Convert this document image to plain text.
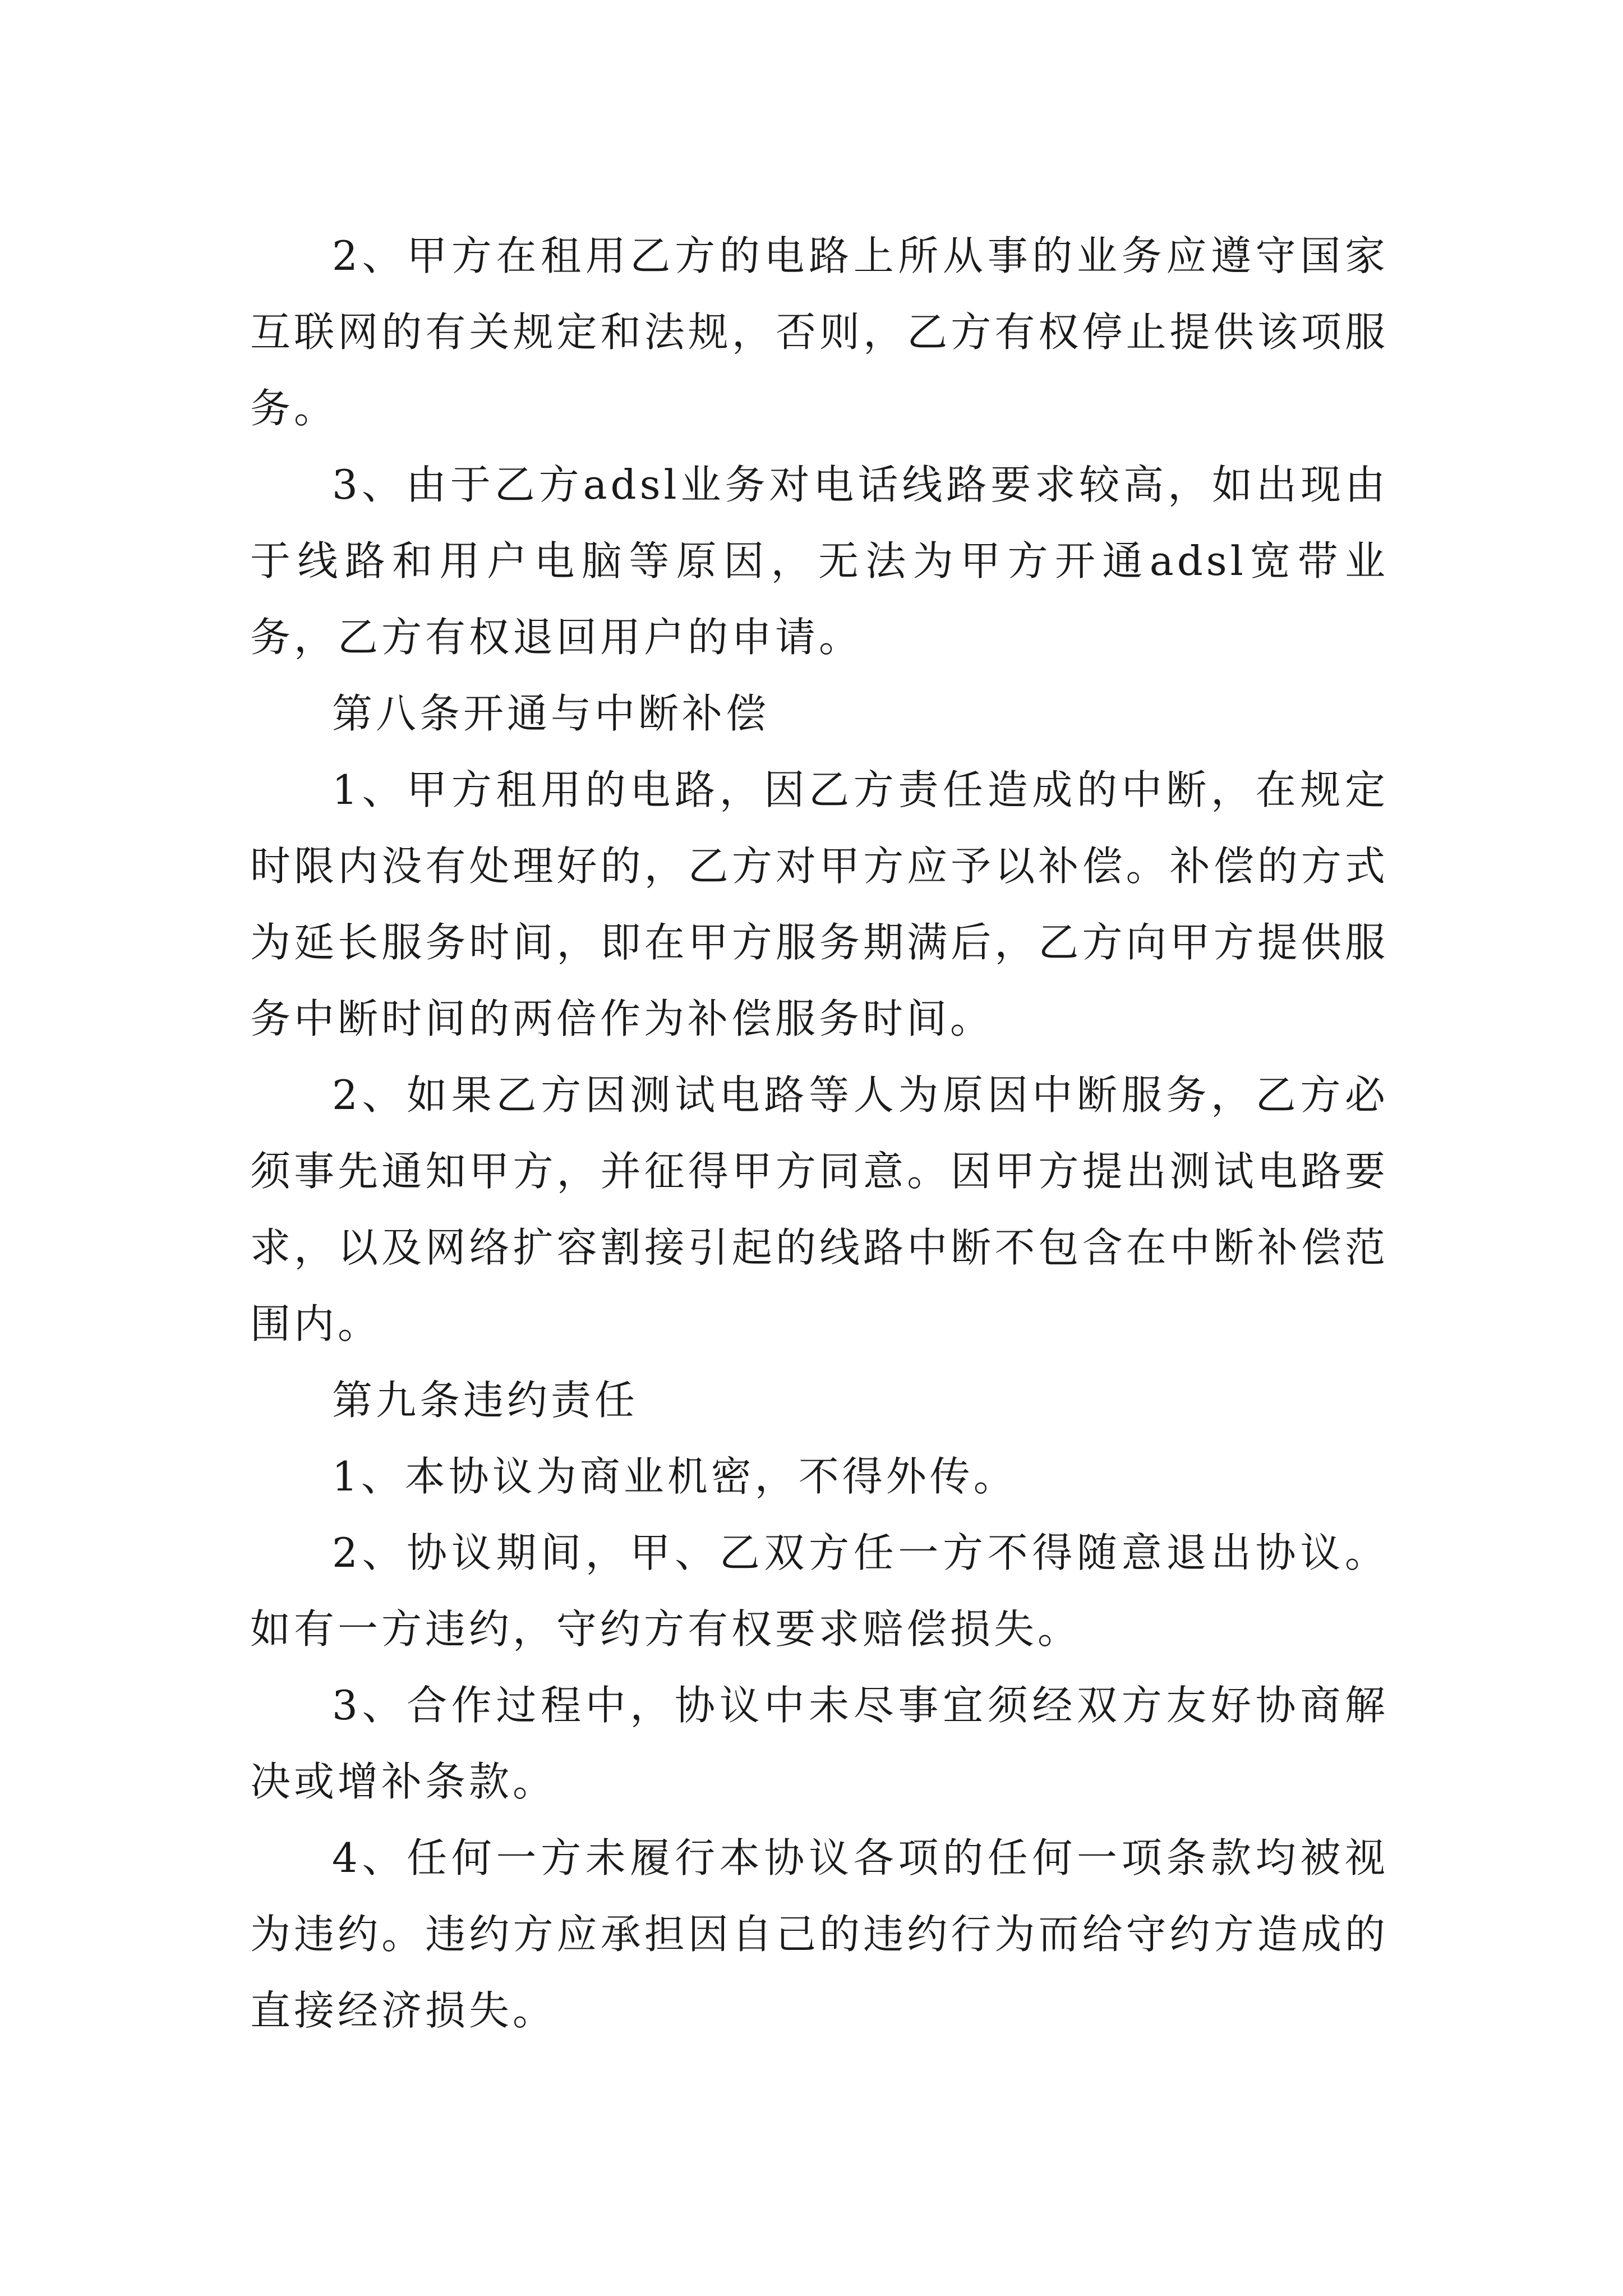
2、甲方在租用乙方的电路上所从事的业务应遵守国家互联网的有关规定和法规，否则，乙方有权停止提供该项服务。

3、由于乙方adsl业务对电话线路要求较高，如出现由于线路和用户电脑等原因，无法为甲方开通adsl宽带业务，乙方有权退回用户的申请。

第八条开通与中断补偿

1、甲方租用的电路，因乙方责任造成的中断，在规定时限内没有处理好的，乙方对甲方应予以补偿。补偿的方式为延长服务时间，即在甲方服务期满后，乙方向甲方提供服务中断时间的两倍作为补偿服务时间。

2、如果乙方因测试电路等人为原因中断服务，乙方必须事先通知甲方，并征得甲方同意。因甲方提出测试电路要求，以及网络扩容割接引起的线路中断不包含在中断补偿范围内。

第九条违约责任

1、本协议为商业机密，不得外传。

2、协议期间，甲、乙双方任一方不得随意退出协议。如有一方违约，守约方有权要求赔偿损失。

3、合作过程中，协议中未尽事宜须经双方友好协商解决或增补条款。

4、任何一方未履行本协议各项的任何一项条款均被视为违约。违约方应承担因自己的违约行为而给守约方造成的直接经济损失。
